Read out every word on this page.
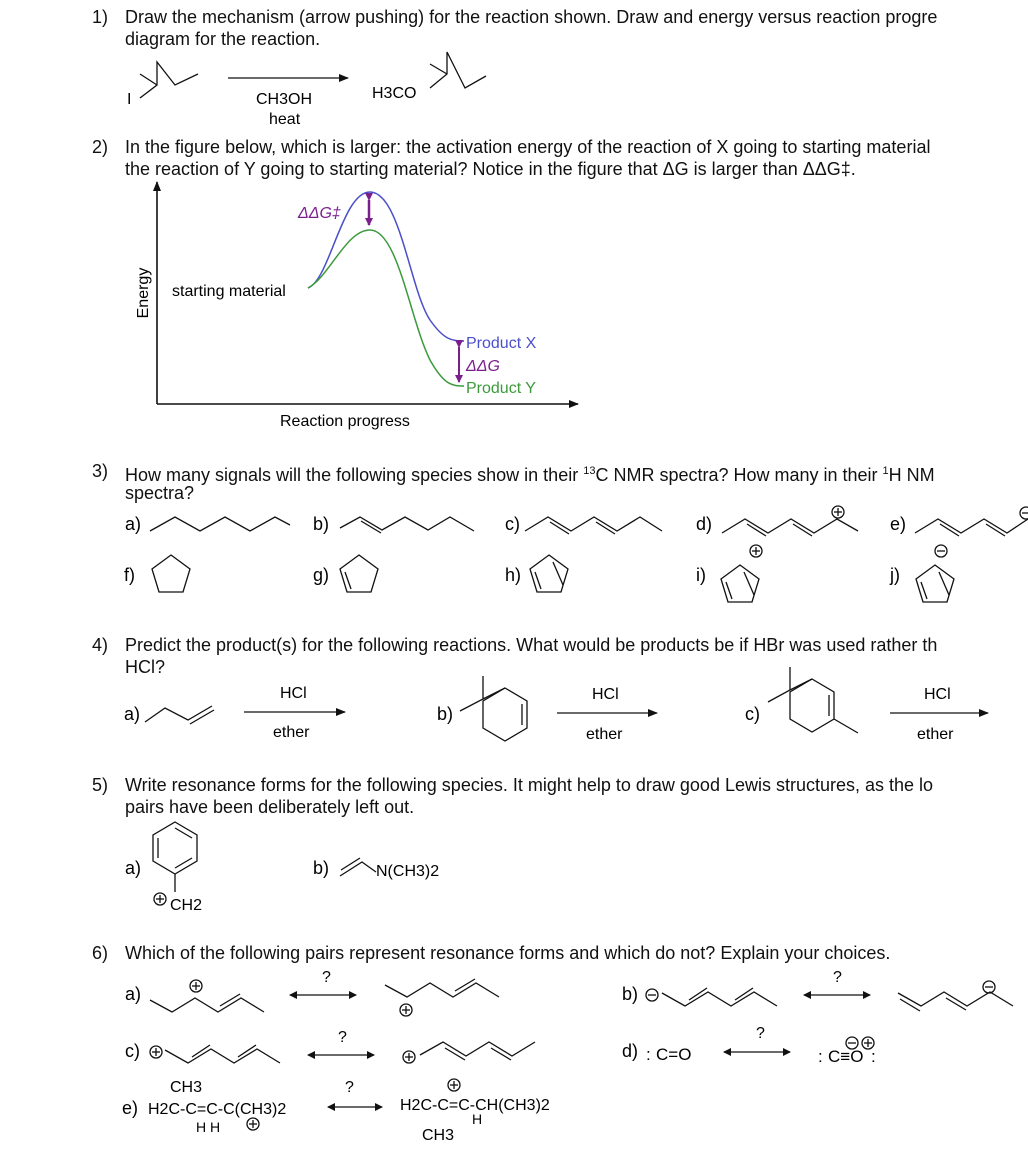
1) Draw the mechanism (arrow pushing) for the reaction shown. Draw and energy versus reaction progre
diagram for the reaction.
2) In the figure below, which is larger: the activation energy of the reaction of X going to starting material
the reaction of Y going to starting material? Notice in the figure that ΔG is larger than ΔΔG‡.
3) How many signals will the following species show in their $^{13}$C NMR spectra? How many in their $^1$H NM
spectra?
4) Predict the product(s) for the following reactions. What would be products be if HBr was used rather th
HCl?
5) Write resonance forms for the following species. It might help to draw good Lewis structures, as the lo
pairs have been deliberately left out.
6) Which of the following pairs represent resonance forms and which do not? Explain your choices.
I	CH3OH
heat
H3CO
Energy
Reaction progress
starting material
ΔΔG‡
Product X
ΔΔG
Product Y
a)	b)	c)	d)	e)
f)	g)	h)	i)	j)
a)	b)	c)
HCl
ether
HCl
ether
HCl
ether
a)
CH2
b)	N(CH3)2
a)
?
b)
?
c)
?
d) : C=O
?
: C≡O :
e)
CH3
H2C-C=C-C(CH3)2
H H
?
H2C-C=C-CH(CH3)2
H
CH3
